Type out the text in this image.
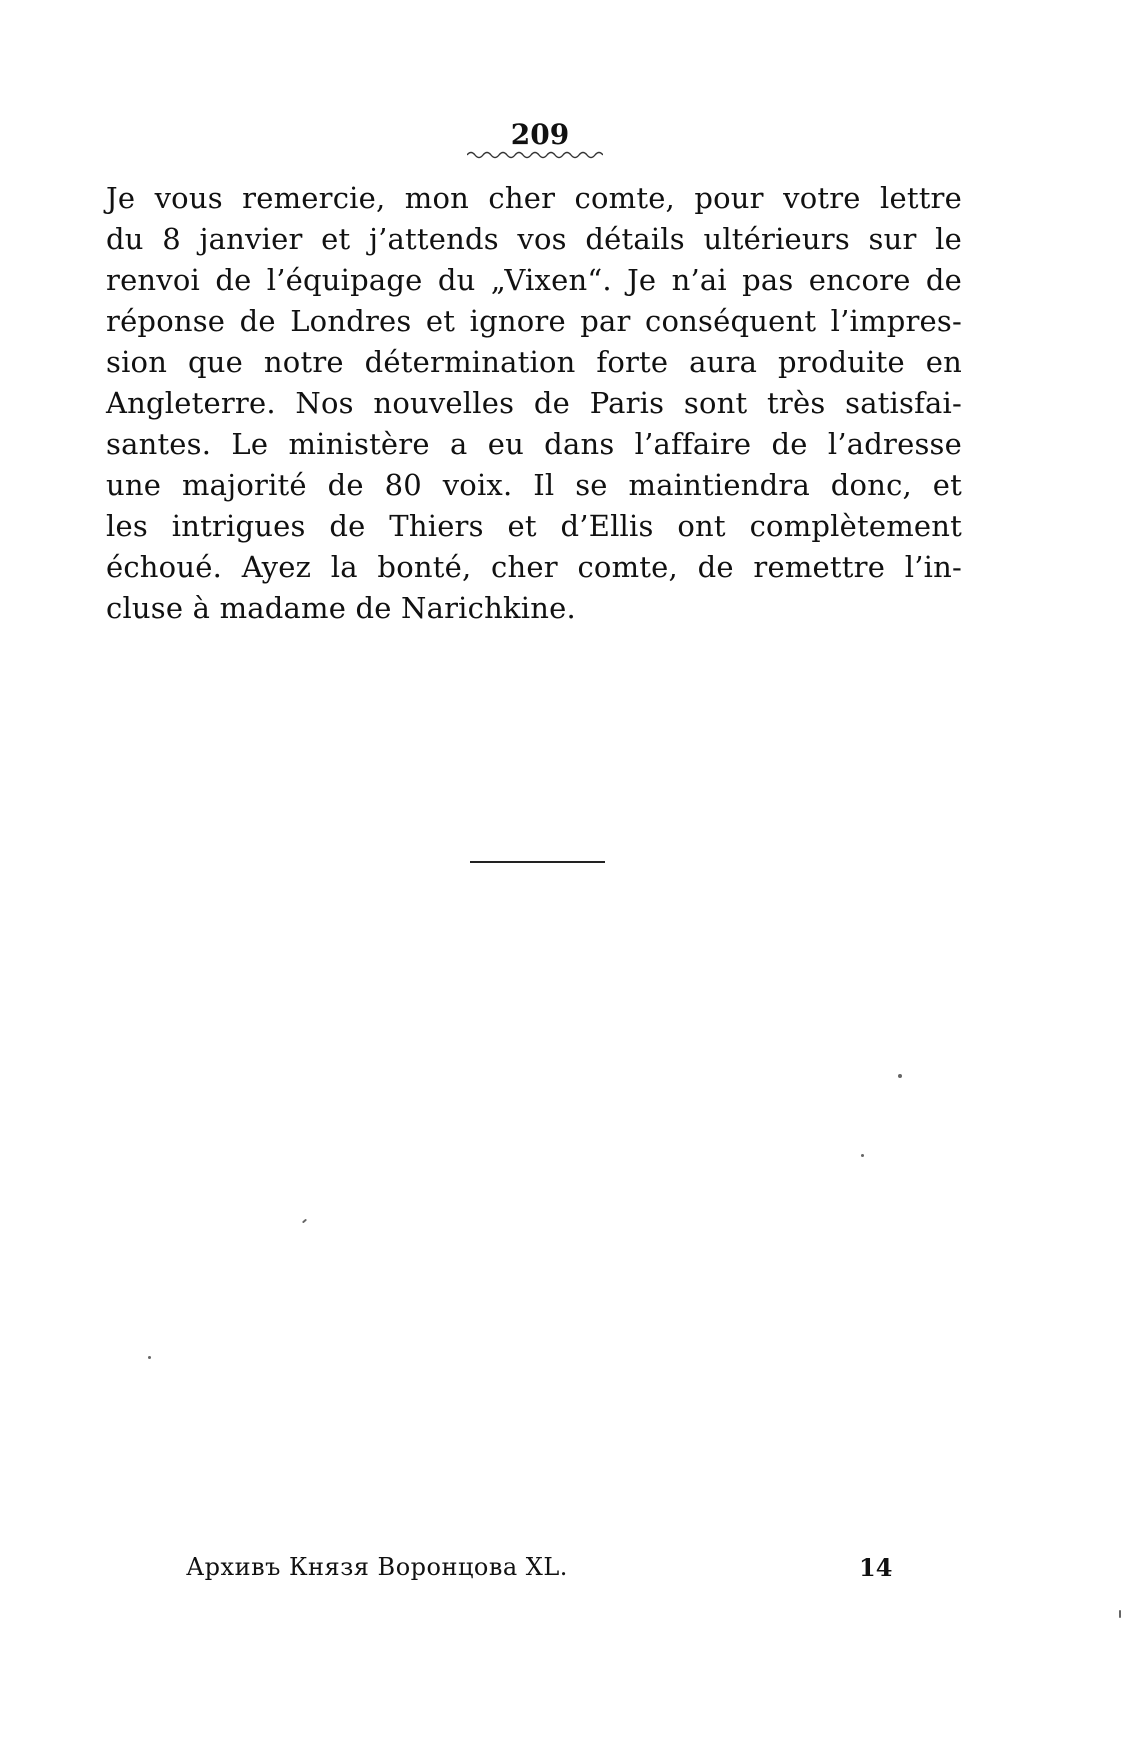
209
Je vous remercie, mon cher comte, pour votre lettre
du 8 janvier et j’attends vos détails ultérieurs sur le
renvoi de l’équipage du „Vixen“. Je n’ai pas encore de
réponse de Londres et ignore par conséquent l’impres-
sion que notre détermination forte aura produite en
Angleterre. Nos nouvelles de Paris sont très satisfai-
santes. Le ministère a eu dans l’affaire de l’adresse
une majorité de 80 voix. Il se maintiendra donc, et
les intrigues de Thiers et d’Ellis ont complètement
échoué. Ayez la bonté, cher comte, de remettre l’in-
cluse à madame de Narichkine.
Архивъ Князя Воронцова XL.	14
